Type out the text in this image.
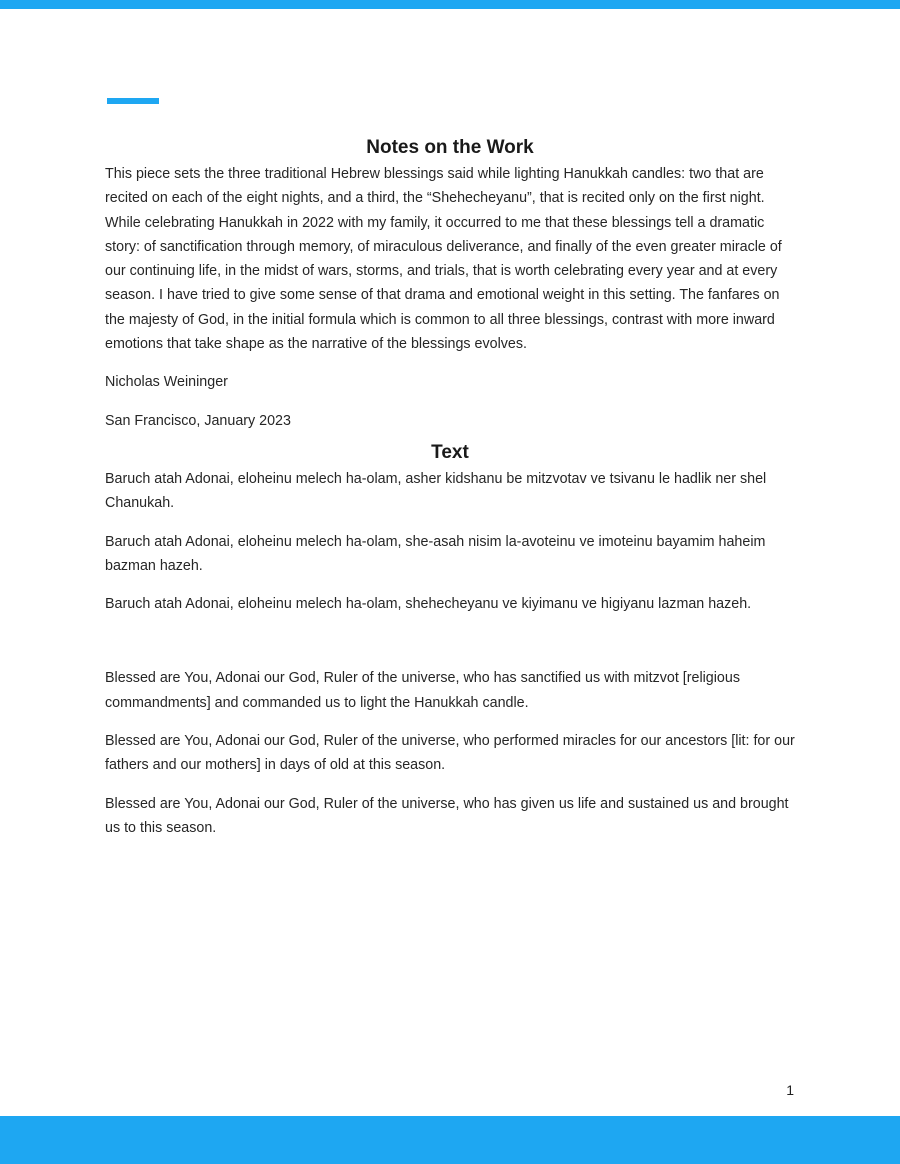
Notes on the Work

This piece sets the three traditional Hebrew blessings said while lighting Hanukkah candles: two that are recited on each of the eight nights, and a third, the “Shehecheyanu”, that is recited only on the first night. While celebrating Hanukkah in 2022 with my family, it occurred to me that these blessings tell a dramatic story: of sanctification through memory, of miraculous deliverance, and finally of the even greater miracle of our continuing life, in the midst of wars, storms, and trials, that is worth celebrating every year and at every season. I have tried to give some sense of that drama and emotional weight in this setting. The fanfares on the majesty of God, in the initial formula which is common to all three blessings, contrast with more inward emotions that take shape as the narrative of the blessings evolves.

Nicholas Weininger

San Francisco, January 2023

Text

Baruch atah Adonai, eloheinu melech ha-olam, asher kidshanu be mitzvotav ve tsivanu le hadlik ner shel Chanukah.

Baruch atah Adonai, eloheinu melech ha-olam, she-asah nisim la-avoteinu ve imoteinu bayamim haheim bazman hazeh.

Baruch atah Adonai, eloheinu melech ha-olam, shehecheyanu ve kiyimanu ve higiyanu lazman hazeh.

Blessed are You, Adonai our God, Ruler of the universe, who has sanctified us with mitzvot [religious commandments] and commanded us to light the Hanukkah candle.

Blessed are You, Adonai our God, Ruler of the universe, who performed miracles for our ancestors [lit: for our fathers and our mothers] in days of old at this season.

Blessed are You, Adonai our God, Ruler of the universe, who has given us life and sustained us and brought us to this season.

1
